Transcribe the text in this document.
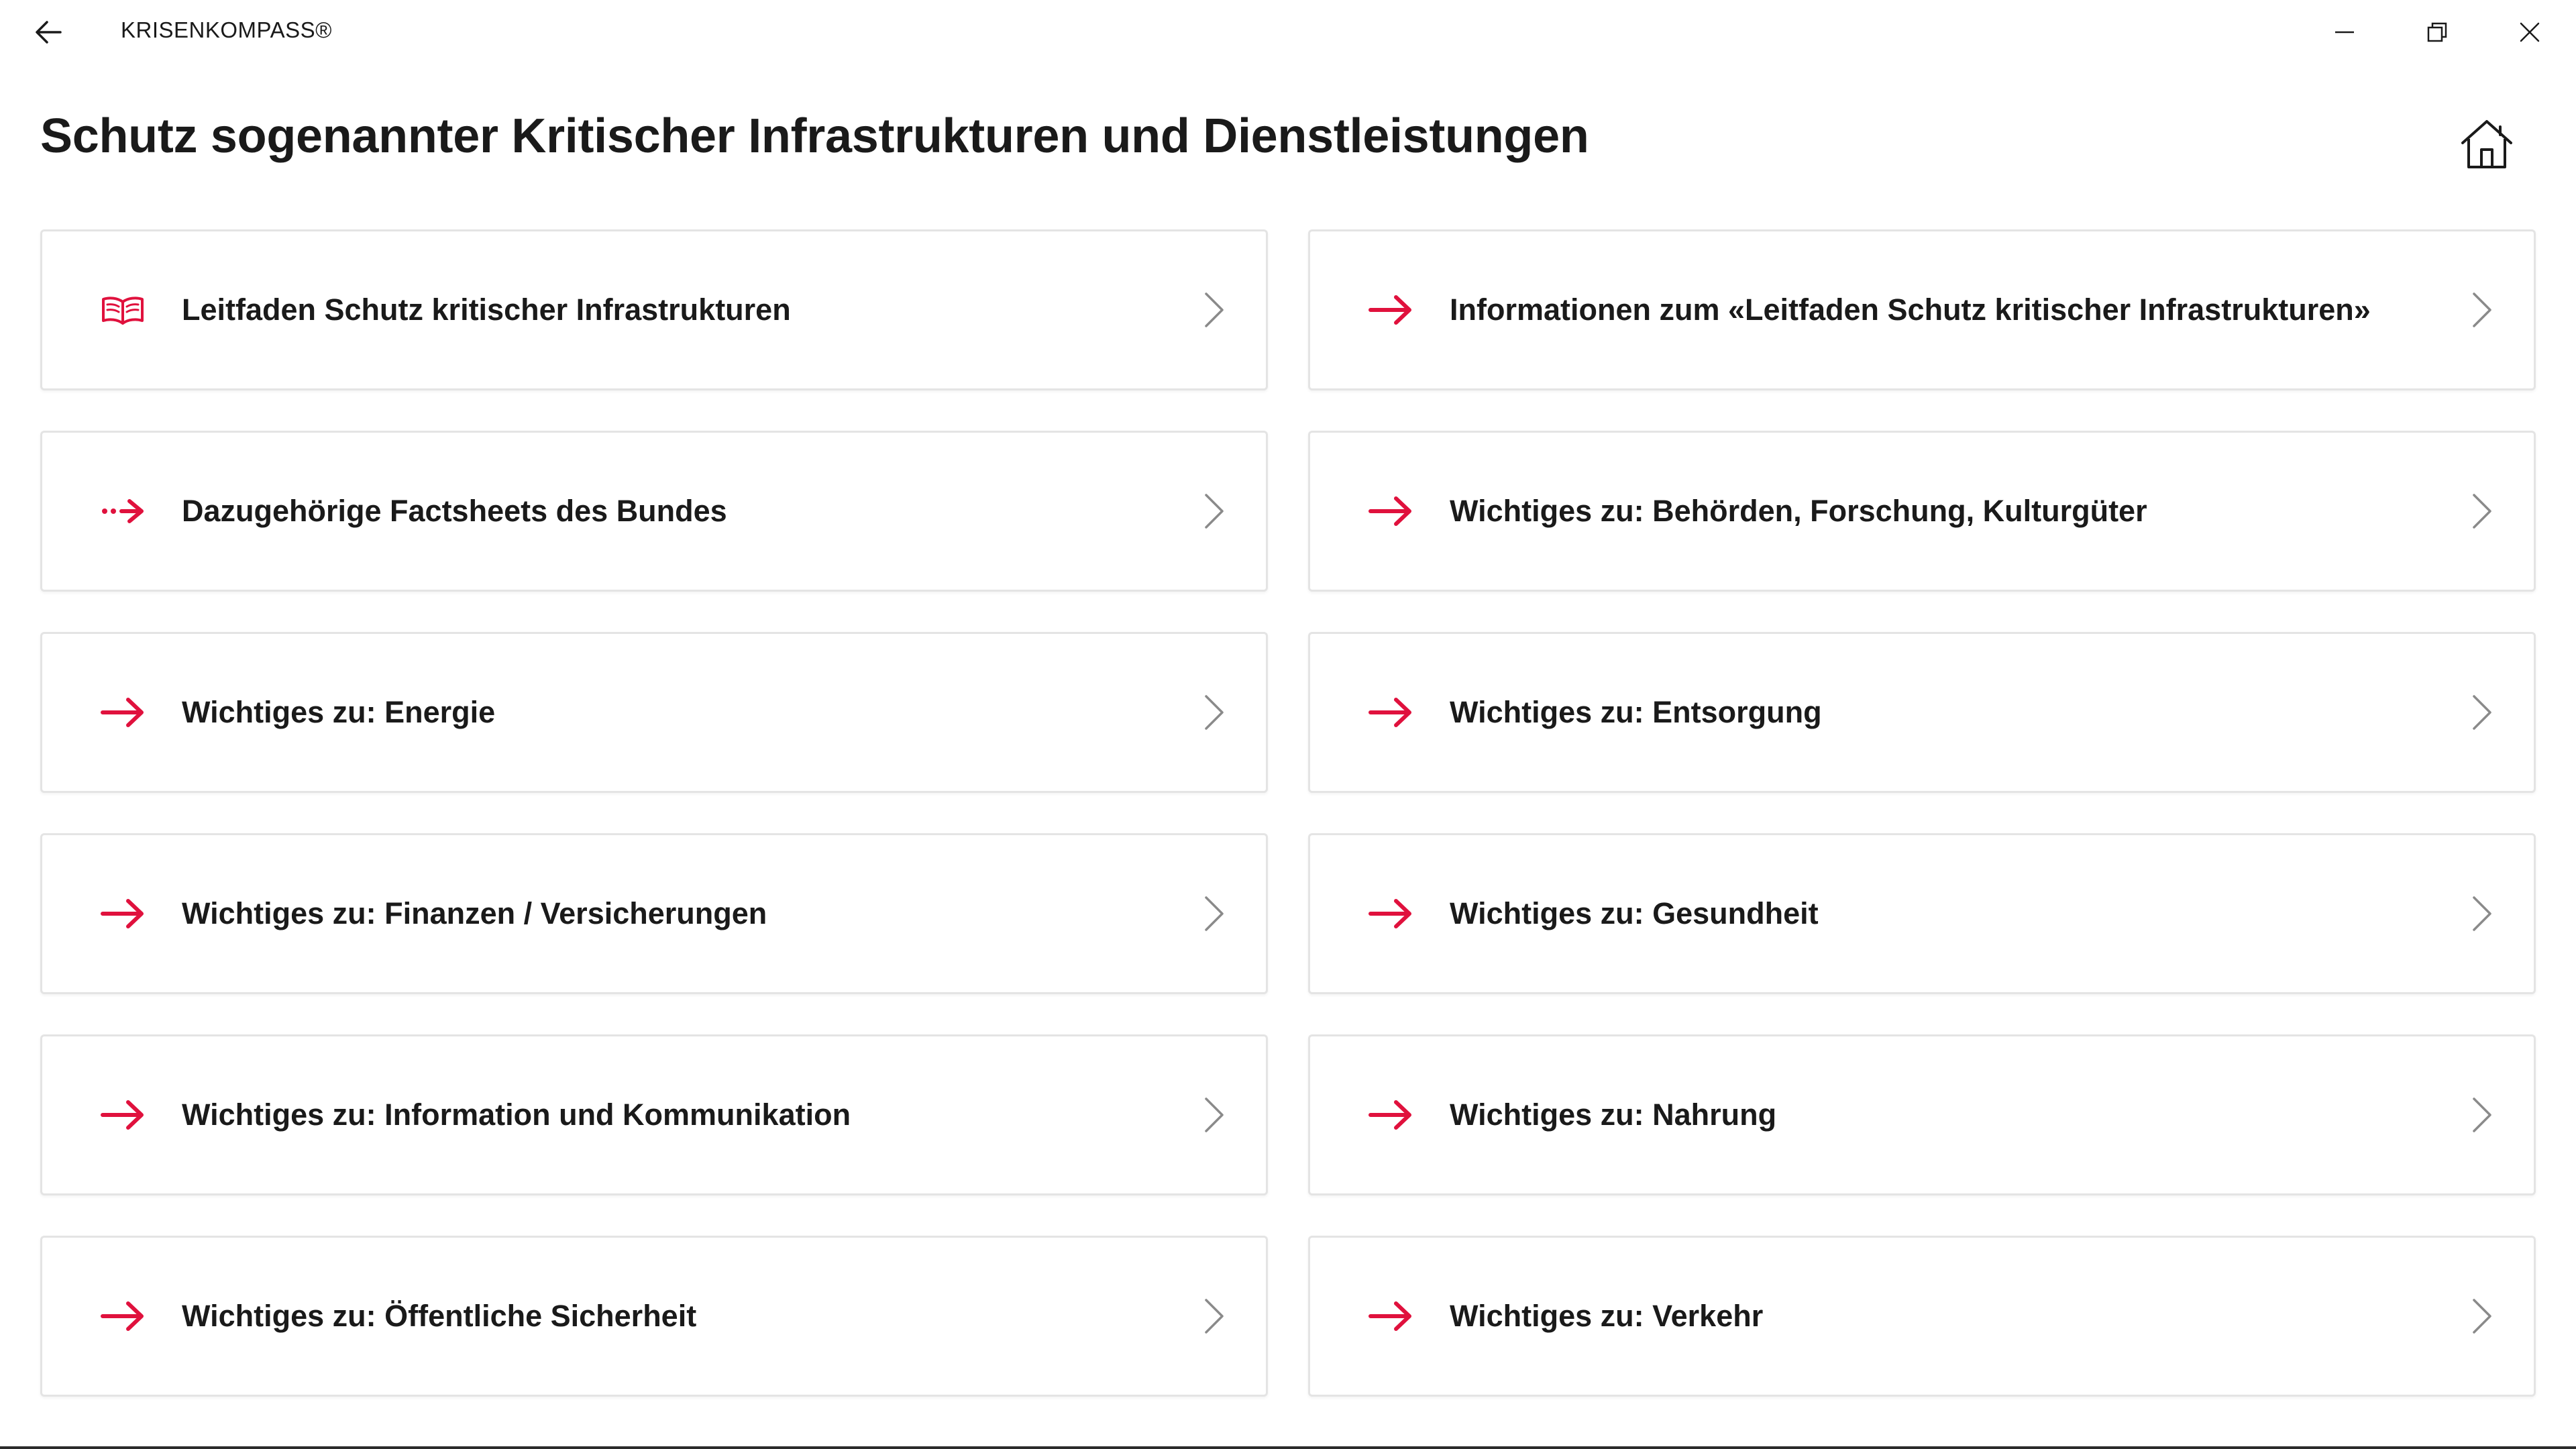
KRISENKOMPASS®
Schutz sogenannter Kritischer Infrastrukturen und Dienstleistungen
Leitfaden Schutz kritischer Infrastrukturen	Informationen zum «Leitfaden Schutz kritischer Infrastrukturen»
Dazugehörige Factsheets des Bundes	Wichtiges zu: Behörden, Forschung, Kulturgüter
Wichtiges zu: Energie	Wichtiges zu: Entsorgung
Wichtiges zu: Finanzen / Versicherungen	Wichtiges zu: Gesundheit
Wichtiges zu: Information und Kommunikation	Wichtiges zu: Nahrung
Wichtiges zu: Öffentliche Sicherheit	Wichtiges zu: Verkehr
